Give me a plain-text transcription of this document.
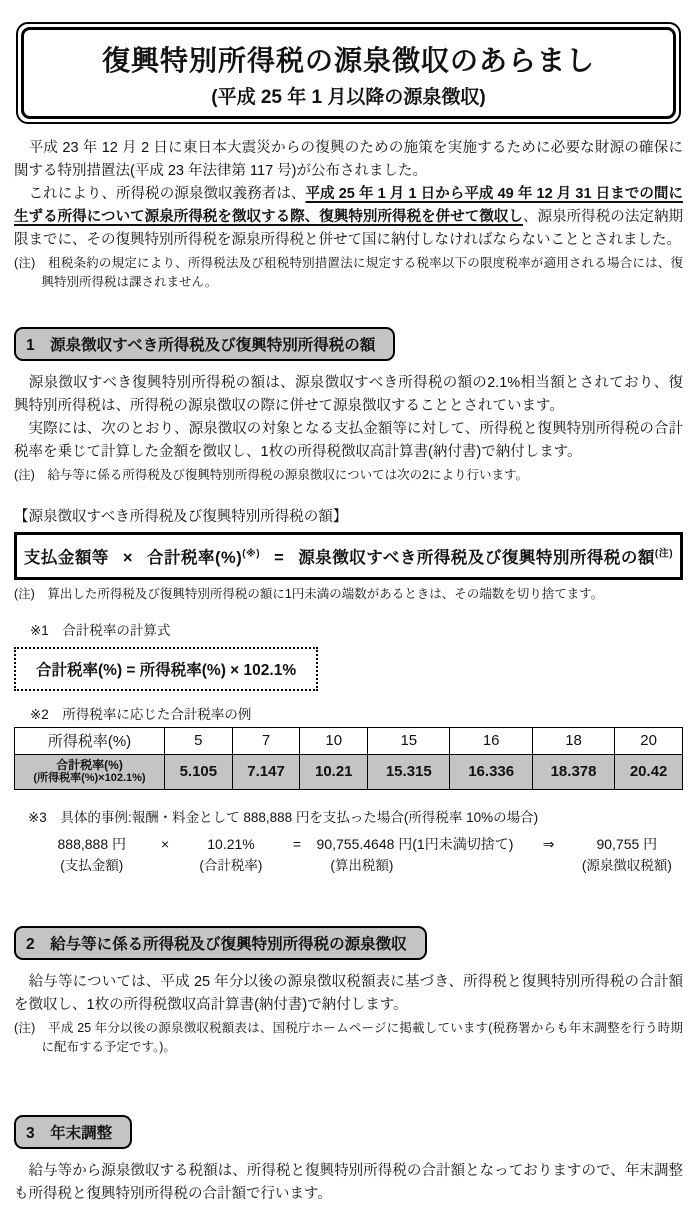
復興特別所得税の源泉徴収のあらまし
(平成 25 年 1 月以降の源泉徴収)

　平成 23 年 12 月 2 日に東日本大震災からの復興のための施策を実施するために必要な財源の確保に関する特別措置法(平成 23 年法律第 117 号)が公布されました。

　これにより、所得税の源泉徴収義務者は、平成 25 年 1 月 1 日から平成 49 年 12 月 31 日までの間に生ずる所得について源泉所得税を徴収する際、復興特別所得税を併せて徴収し、源泉所得税の法定納期限までに、その復興特別所得税を源泉所得税と併せて国に納付しなければならないこととされました。

(注)　租税条約の規定により、所得税法及び租税特別措置法に規定する税率以下の限度税率が適用される場合には、復興特別所得税は課されません。

1　源泉徴収すべき所得税及び復興特別所得税の額

　源泉徴収すべき復興特別所得税の額は、源泉徴収すべき所得税の額の2.1%相当額とされており、復興特別所得税は、所得税の源泉徴収の際に併せて源泉徴収することとされています。

　実際には、次のとおり、源泉徴収の対象となる支払金額等に対して、所得税と復興特別所得税の合計税率を乗じて計算した金額を徴収し、1枚の所得税徴収高計算書(納付書)で納付します。

(注)　給与等に係る所得税及び復興特別所得税の源泉徴収については次の2により行います。

【源泉徴収すべき所得税及び復興特別所得税の額】
支払金額等 × 合計税率(%)(※) = 源泉徴収すべき所得税及び復興特別所得税の額$^{(注)}$

(注)　算出した所得税及び復興特別所得税の額に1円未満の端数があるときは、その端数を切り捨てます。

※1　合計税率の計算式
合計税率(%) = 所得税率(%) × 102.1%
※2　所得税率に応じた合計税率の例
所得税率(%)	5	7	10	15	16	18	20

合計税率(%)
(所得税率(%)×102.1%)	5.105	7.147	10.21	15.315	16.336	18.378	20.42
※3　具体的事例:報酬・料金として 888,888 円を支払った場合(所得税率 10%の場合)
888,888 円	×	10.21%	=	90,755.4648 円(1円未満切捨て)	⇒	90,755 円
(支払金額)	(合計税率)	(算出税額)	(源泉徴収税額)
2　給与等に係る所得税及び復興特別所得税の源泉徴収

　給与等については、平成 25 年分以後の源泉徴収税額表に基づき、所得税と復興特別所得税の合計額を徴収し、1枚の所得税徴収高計算書(納付書)で納付します。

(注)　平成 25 年分以後の源泉徴収税額表は、国税庁ホームページに掲載しています(税務署からも年末調整を行う時期に配布する予定です。)。

3　年末調整

　給与等から源泉徴収する税額は、所得税と復興特別所得税の合計額となっておりますので、年末調整も所得税と復興特別所得税の合計額で行います。
